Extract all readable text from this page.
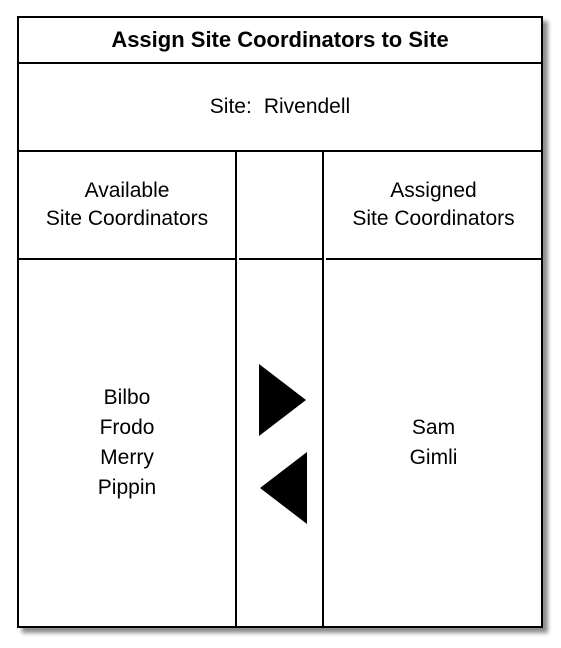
Assign Site Coordinators to Site
Site: Rivendell
Available
Site Coordinators
Bilbo
Frodo
Merry
Pippin
Assigned
Site Coordinators
Sam
Gimli
